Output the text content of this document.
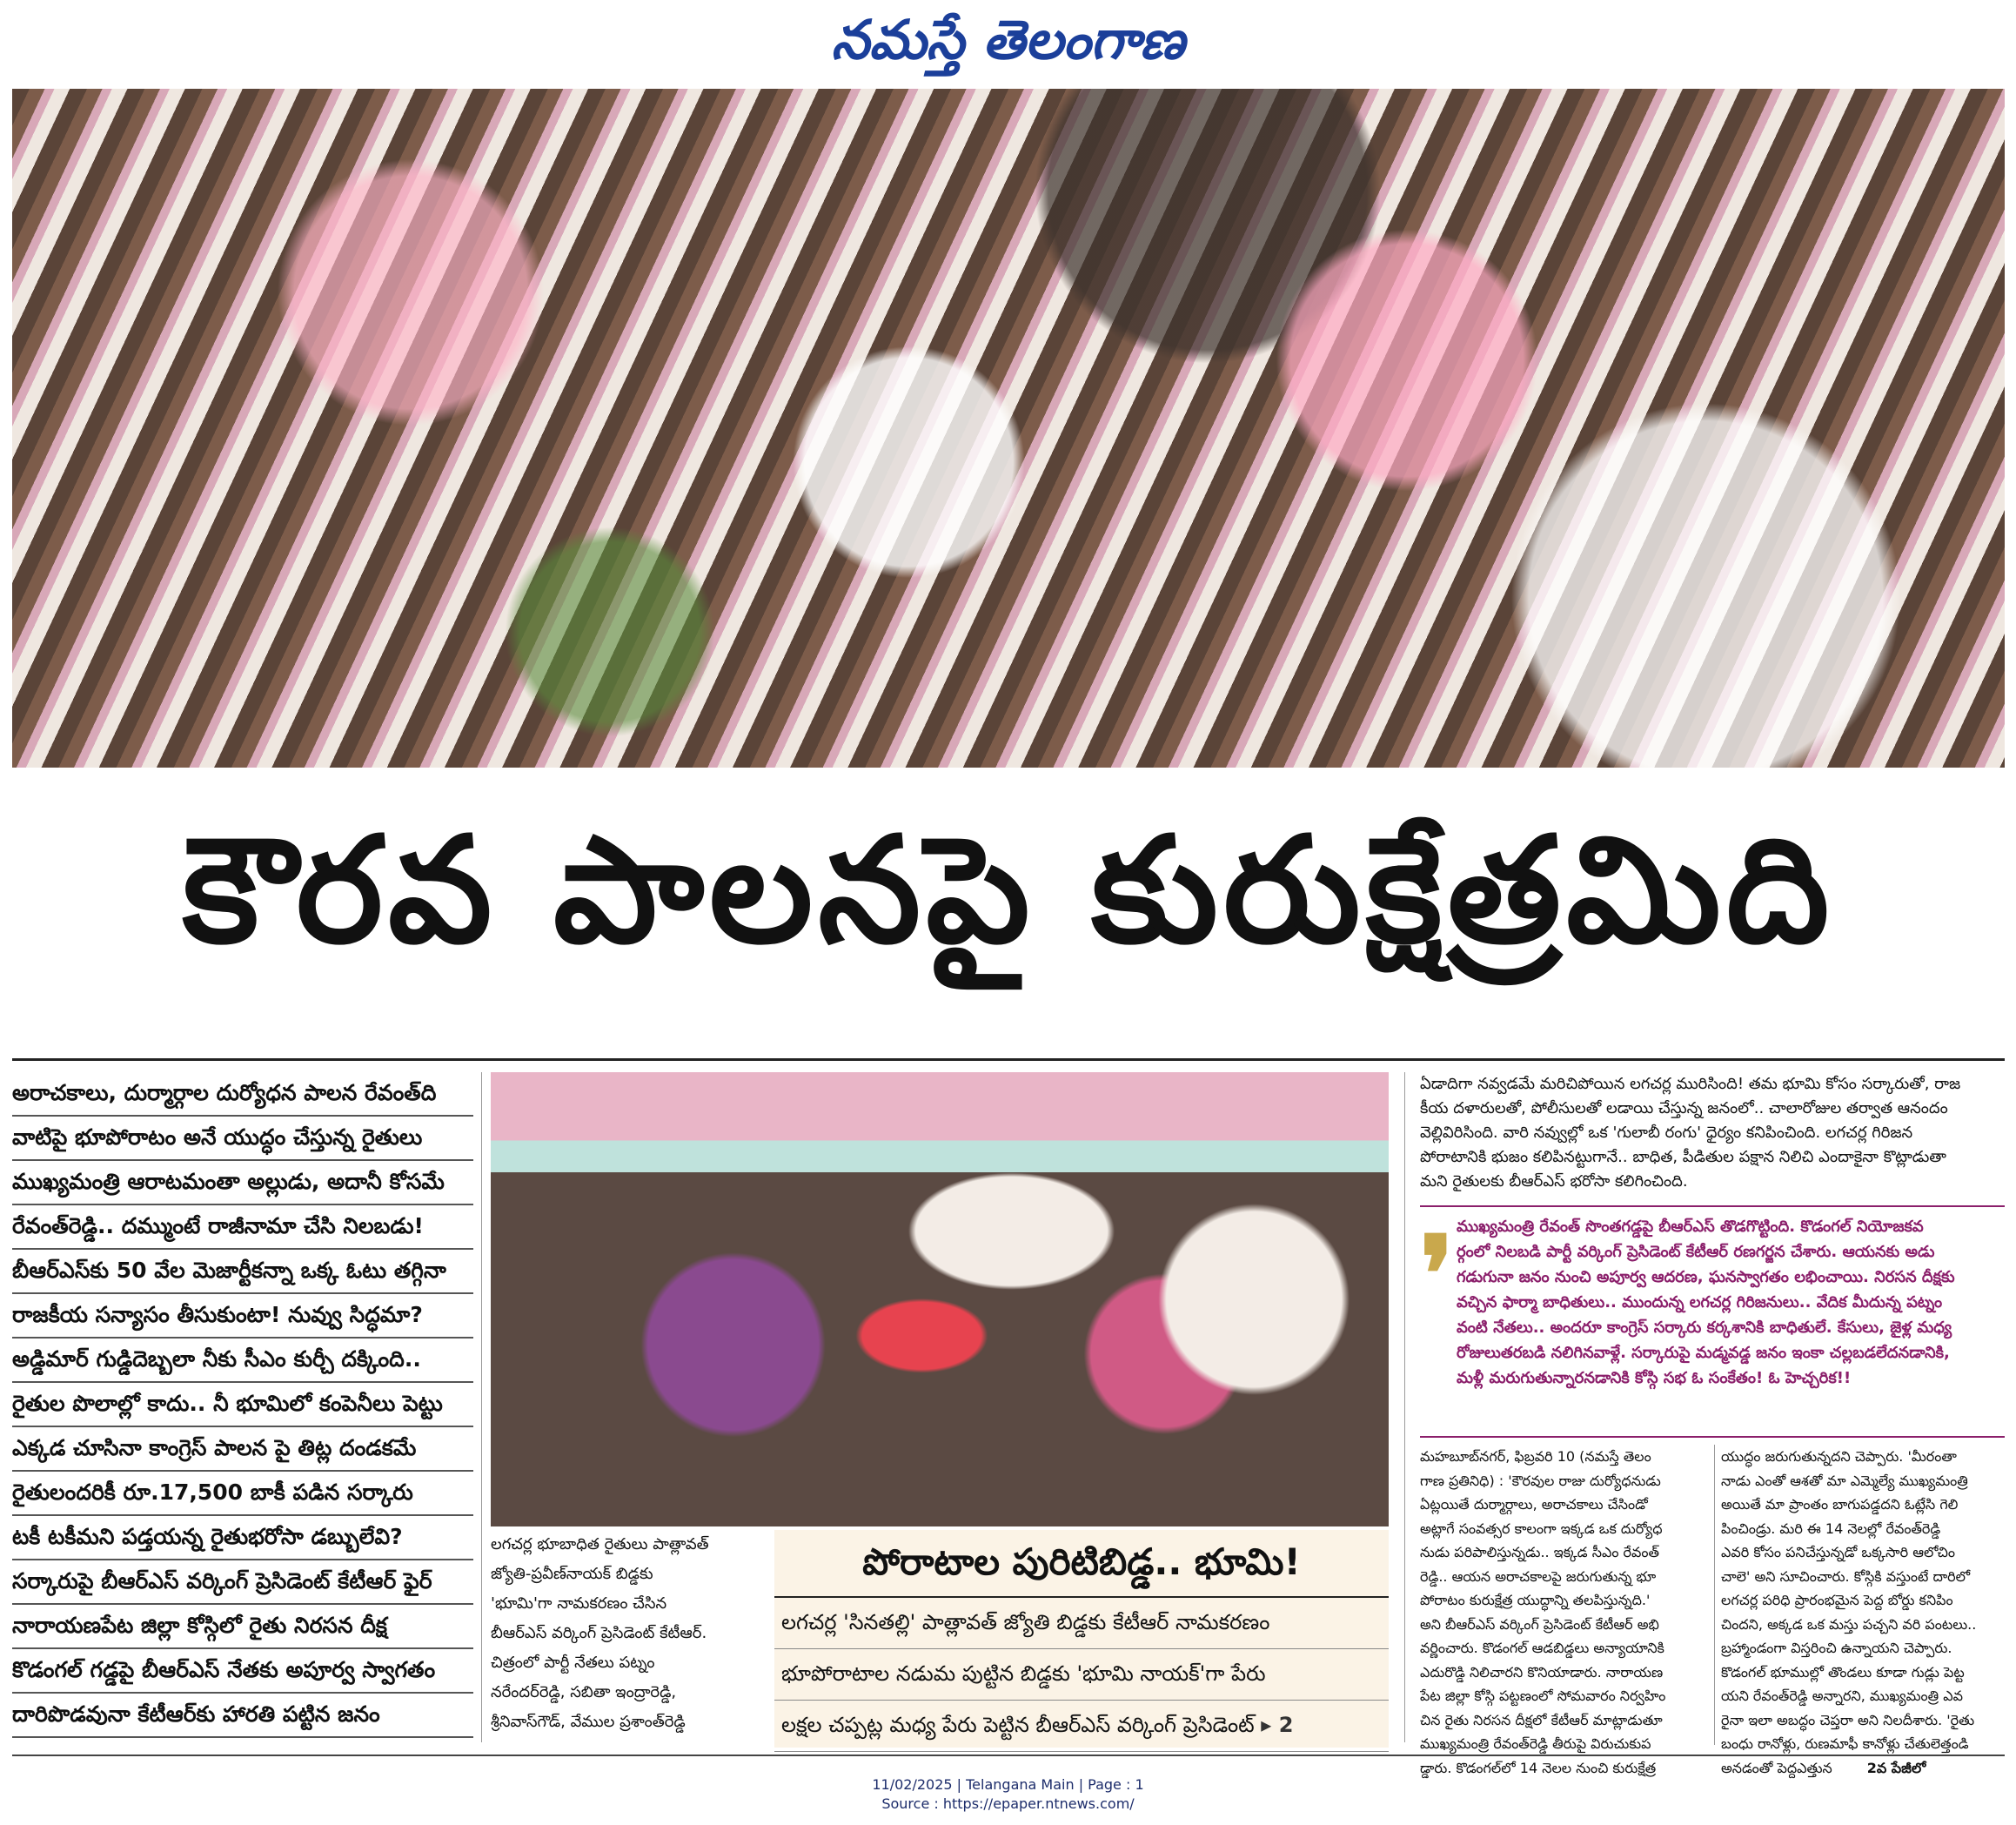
నమస్తే తెలంగాణ
కౌరవ పాలనపై కురుక్షేత్రమిది
అరాచకాలు, దుర్మార్గాల దుర్యోధన పాలన రేవంత్‌ది
వాటిపై భూపోరాటం అనే యుద్ధం చేస్తున్న రైతులు
ముఖ్యమంత్రి ఆరాటమంతా అల్లుడు, అదానీ కోసమే
రేవంత్‌రెడ్డి.. దమ్ముంటే రాజీనామా చేసి నిలబడు!
బీఆర్‌ఎస్‌కు 50 వేల మెజార్టీకన్నా ఒక్క ఓటు తగ్గినా
రాజకీయ సన్యాసం తీసుకుంటా! నువ్వు సిద్ధమా?
అడ్డిమార్ గుడ్డిదెబ్బలా నీకు సీఎం కుర్చీ దక్కింది..
రైతుల పొలాల్లో కాదు.. నీ భూమిలో కంపెనీలు పెట్టు
ఎక్కడ చూసినా కాంగ్రెస్ పాలన పై తిట్ల దండకమే
రైతులందరికీ రూ.17,500 బాకీ పడిన సర్కారు
టకీ టకీమని పడ్తయన్న రైతుభరోసా డబ్బులేవి?
సర్కారుపై బీఆర్‌ఎస్ వర్కింగ్ ప్రెసిడెంట్ కేటీఆర్ ఫైర్
నారాయణపేట జిల్లా కోస్గిలో రైతు నిరసన దీక్ష
కొడంగల్ గడ్డపై బీఆర్‌ఎస్ నేతకు అపూర్వ స్వాగతం
దారిపొడవునా కేటీఆర్‌కు హారతి పట్టిన జనం
లగచర్ల భూబాధిత రైతులు పాత్లావత్
జ్యోతి-ప్రవీణ్‌నాయక్ బిడ్డకు
'భూమి'గా నామకరణం చేసిన
బీఆర్‌ఎస్ వర్కింగ్ ప్రెసిడెంట్ కేటీఆర్.
చిత్రంలో పార్టీ నేతలు పట్నం
నరేందర్‌రెడ్డి, సబితా ఇంద్రారెడ్డి,
శ్రీనివాస్‌గౌడ్, వేముల ప్రశాంత్‌రెడ్డి
పోరాటాల పురిటిబిడ్డ.. భూమి!
లగచర్ల 'సినతల్లి' పాత్లావత్ జ్యోతి బిడ్డకు కేటీఆర్ నామకరణం
భూపోరాటాల నడుమ పుట్టిన బిడ్డకు 'భూమి నాయక్'గా పేరు
లక్షల చప్పట్ల మధ్య పేరు పెట్టిన బీఆర్‌ఎస్ వర్కింగ్ ప్రెసిడెంట్ ▸ 2
ఏడాదిగా నవ్వడమే మరిచిపోయిన లగచర్ల మురిసింది! తమ భూమి కోసం సర్కారుతో, రాజ
కీయ దళారులతో, పోలీసులతో లడాయి చేస్తున్న జనంలో.. చాలారోజుల తర్వాత ఆనందం
వెల్లివిరిసింది. వారి నవ్వుల్లో ఒక 'గులాబీ రంగు' ధైర్యం కనిపించింది. లగచర్ల గిరిజన
పోరాటానికి భుజం కలిపినట్టుగానే.. బాధిత, పీడితుల పక్షాన నిలిచి ఎందాకైనా కొట్లాడుతా
మని రైతులకు బీఆర్‌ఎస్ భరోసా కలిగించింది.
❜ ముఖ్యమంత్రి రేవంత్ సొంతగడ్డపై బీఆర్‌ఎస్ తొడగొట్టింది. కొడంగల్ నియోజకవ
ర్గంలో నిలబడి పార్టీ వర్కింగ్ ప్రెసిడెంట్ కేటీఆర్ రణగర్జన చేశారు. ఆయనకు అడు
గడుగునా జనం నుంచి అపూర్వ ఆదరణ, ఘనస్వాగతం లభించాయి. నిరసన దీక్షకు
వచ్చిన ఫార్మా బాధితులు.. ముందున్న లగచర్ల గిరిజనులు.. వేదిక మీదున్న పట్నం
వంటి నేతలు.. అందరూ కాంగ్రెస్ సర్కారు కర్కశానికి బాధితులే. కేసులు, జైళ్ల మధ్య
రోజులుతరబడి నలిగినవాళ్లే. సర్కారుపై మడ్మవడ్డ జనం ఇంకా చల్లబడలేదనడానికి,
మళ్లీ మరుగుతున్నారనడానికి కోస్గి సభ ఓ సంకేతం! ఓ హెచ్చరిక!!
మహబూబ్‌నగర్, ఫిబ్రవరి 10 (నమస్తే తెలం
గాణ ప్రతినిధి) : 'కౌరవుల రాజు దుర్యోధనుడు
ఏట్లయితే దుర్మార్గాలు, అరాచకాలు చేసిండో
అట్లాగే సంవత్సర కాలంగా ఇక్కడ ఒక దుర్యోధ
నుడు పరిపాలిస్తున్నడు.. ఇక్కడ సీఎం రేవంత్
రెడ్డి.. ఆయన అరాచకాలపై జరుగుతున్న భూ
పోరాటం కురుక్షేత్ర యుద్ధాన్ని తలపిస్తున్నది.'
అని బీఆర్‌ఎస్ వర్కింగ్ ప్రెసిడెంట్ కేటీఆర్ అభి
వర్ణించారు. కొడంగల్ ఆడబిడ్డలు అన్యాయానికి
ఎదురొడ్డి నిలిచారని కొనియాడారు. నారాయణ
పేట జిల్లా కోస్గి పట్టణంలో సోమవారం నిర్వహిం
చిన రైతు నిరసన దీక్షలో కేటీఆర్ మాట్లాడుతూ
ముఖ్యమంత్రి రేవంత్‌రెడ్డి తీరుపై విరుచుకుప
డ్డారు. కొడంగల్‌లో 14 నెలల నుంచి కురుక్షేత్ర
యుద్ధం జరుగుతున్నదని చెప్పారు. 'మీరంతా
నాడు ఎంతో ఆశతో మా ఎమ్మెల్యే ముఖ్యమంత్రి
అయితే మా ప్రాంతం బాగుపడ్డదని ఓట్లేసి గెలి
పించిండ్రు. మరి ఈ 14 నెలల్లో రేవంత్‌రెడ్డి
ఎవరి కోసం పనిచేస్తున్నడో ఒక్కసారి ఆలోచిం
చాలె' అని సూచించారు. కోస్గికి వస్తుంటే దారిలో
లగచర్ల పరిధి ప్రారంభమైన పెద్ద బోర్డు కనిపిం
చిందని, అక్కడ ఒక మస్తు పచ్చని వరి పంటలు..
బ్రహ్మాండంగా విస్తరించి ఉన్నాయని చెప్పారు.
కొడంగల్ భూముల్లో తొండలు కూడా గుడ్లు పెట్ట
యని రేవంత్‌రెడ్డి అన్నారని, ముఖ్యమంత్రి ఎవ
రైనా ఇలా అబద్ధం చెప్తరా అని నిలదీశారు. 'రైతు
బంధు రానోళ్లు, రుణమాఫీ కానోళ్లు చేతులెత్తండి
అనడంతో పెద్దఎత్తున	2వ పేజీలో
11/02/2025 | Telangana Main | Page : 1
Source : https://epaper.ntnews.com/
